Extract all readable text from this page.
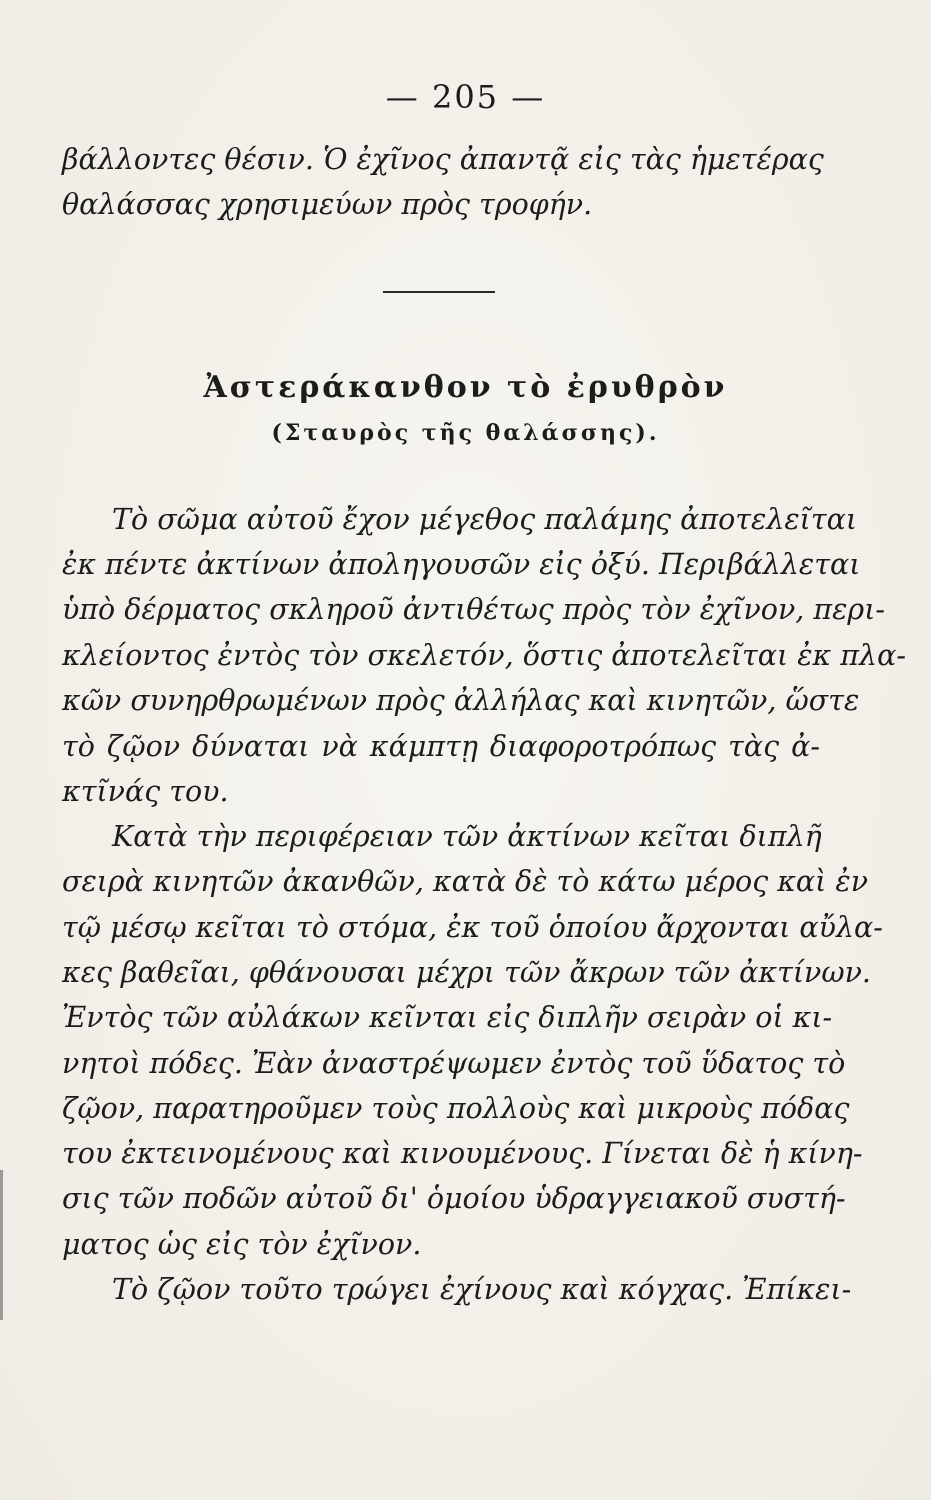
— 205 —
βάλλοντες θέσιν. Ὁ ἐχῖνος ἀπαντᾷ εἰς τὰς ἡμετέρας
θαλάσσας χρησιμεύων πρὸς τροφήν.
Ἀστεράκανθον τὸ ἐρυθρὸν
(Σταυρὸς τῆς θαλάσσης).
Τὸ σῶμα αὐτοῦ ἔχον μέγεθος παλάμης ἀποτελεῖται
ἐκ πέντε ἀκτίνων ἀποληγουσῶν εἰς ὀξύ. Περιβάλλεται
ὑπὸ δέρματος σκληροῦ ἀντιθέτως πρὸς τὸν ἐχῖνον, περι-
κλείοντος ἐντὸς τὸν σκελετόν, ὅστις ἀποτελεῖται ἐκ πλα-
κῶν συνηρθρωμένων πρὸς ἀλλήλας καὶ κινητῶν, ὥστε
τὸ ζῷον δύναται νὰ κάμπτῃ διαφοροτρόπως τὰς ἀ-
κτῖνάς του.
Κατὰ τὴν περιφέρειαν τῶν ἀκτίνων κεῖται διπλῆ
σειρὰ κινητῶν ἀκανθῶν, κατὰ δὲ τὸ κάτω μέρος καὶ ἐν
τῷ μέσῳ κεῖται τὸ στόμα, ἐκ τοῦ ὁποίου ἄρχονται αὔλα-
κες βαθεῖαι, φθάνουσαι μέχρι τῶν ἄκρων τῶν ἀκτίνων.
Ἐντὸς τῶν αὐλάκων κεῖνται εἰς διπλῆν σειρὰν οἱ κι-
νητοὶ πόδες. Ἐὰν ἀναστρέψωμεν ἐντὸς τοῦ ὕδατος τὸ
ζῷον, παρατηροῦμεν τοὺς πολλοὺς καὶ μικροὺς πόδας
του ἐκτεινομένους καὶ κινουμένους. Γίνεται δὲ ἡ κίνη-
σις τῶν ποδῶν αὐτοῦ δι' ὁμοίου ὑδραγγειακοῦ συστή-
ματος ὡς εἰς τὸν ἐχῖνον.
Τὸ ζῷον τοῦτο τρώγει ἐχίνους καὶ κόγχας. Ἐπίκει-
